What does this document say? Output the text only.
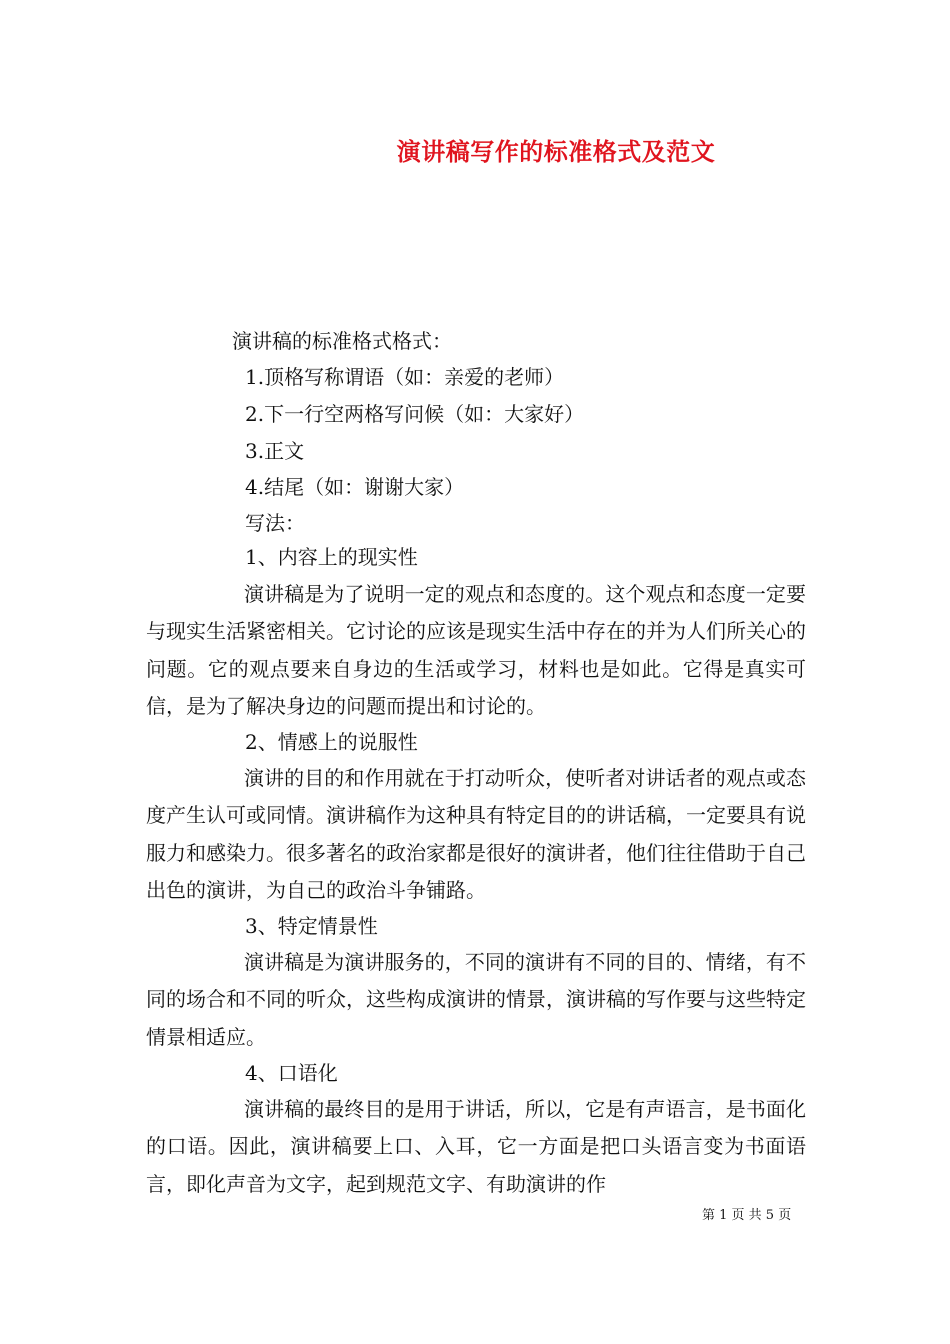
演讲稿写作的标准格式及范文
演讲稿的标准格式格式：
1.顶格写称谓语（如：亲爱的老师）
2.下一行空两格写问候（如：大家好）
3.正文
4.结尾（如：谢谢大家）
写法：
1、内容上的现实性
演讲稿是为了说明一定的观点和态度的。这个观点和态度一定要与现实生活紧密相关。它讨论的应该是现实生活中存在的并为人们所关心的问题。它的观点要来自身边的生活或学习，材料也是如此。它得是真实可信，是为了解决身边的问题而提出和讨论的。
2、情感上的说服性
演讲的目的和作用就在于打动听众，使听者对讲话者的观点或态度产生认可或同情。演讲稿作为这种具有特定目的的讲话稿，一定要具有说服力和感染力。很多著名的政治家都是很好的演讲者，他们往往借助于自己出色的演讲，为自己的政治斗争铺路。
3、特定情景性
演讲稿是为演讲服务的，不同的演讲有不同的目的、情绪，有不同的场合和不同的听众，这些构成演讲的情景，演讲稿的写作要与这些特定情景相适应。
4、口语化
演讲稿的最终目的是用于讲话，所以，它是有声语言，是书面化的口语。因此，演讲稿要上口、入耳，它一方面是把口头语言变为书面语言，即化声音为文字，起到规范文字、有助演讲的作
第 1 页 共 5 页
